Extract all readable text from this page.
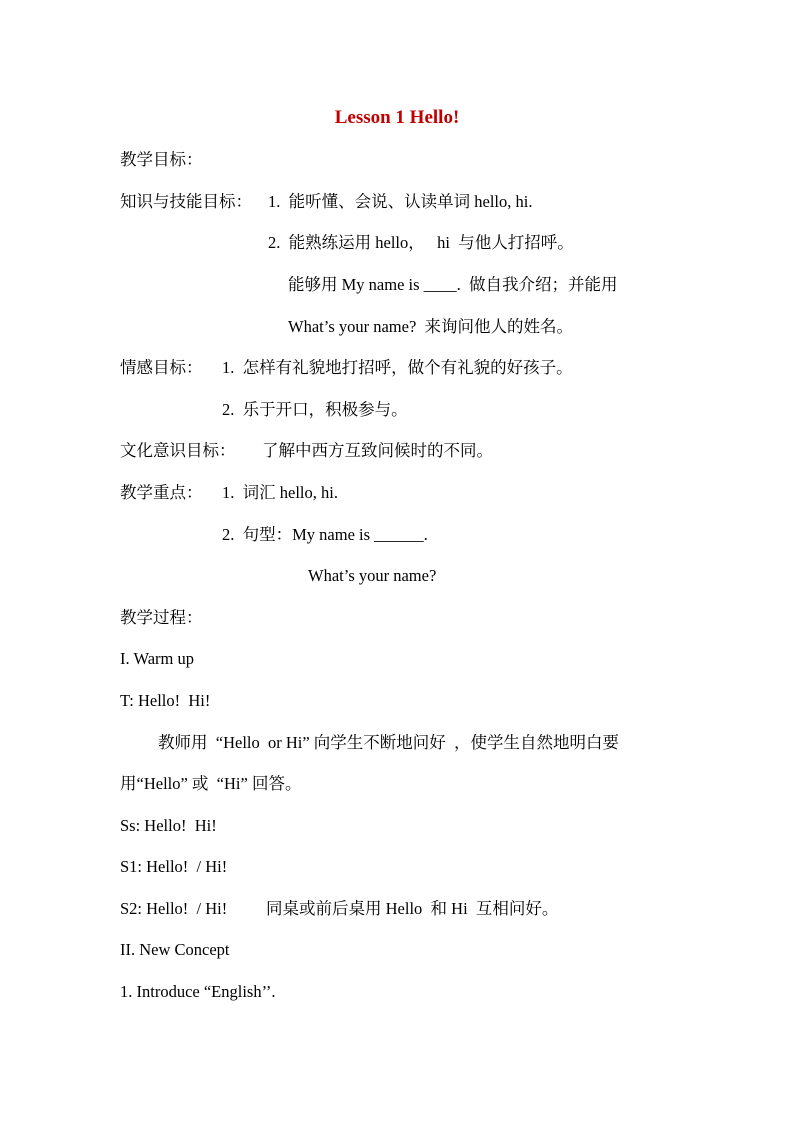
Lesson 1 Hello!
教学目标：
知识与技能目标： 1.  能听懂、会说、认读单词 hello, hi.
2.  能熟练运用 hello，   hi  与他人打招呼。
能够用 My name is ____.  做自我介绍；并能用
What’s your name?  来询问他人的姓名。
情感目标： 1.  怎样有礼貌地打招呼，做个有礼貌的好孩子。
2.  乐于开口，积极参与。
文化意识目标： 了解中西方互致问候时的不同。
教学重点： 1.  词汇 hello, hi.
2.  句型：My name is ______.
What’s your name?
教学过程：
I. Warm up
T: Hello!  Hi!
教师用  “Hello  or Hi” 向学生不断地问好  ，使学生自然地明白要
用“Hello” 或  “Hi” 回答。
Ss: Hello!  Hi!
S1: Hello!  / Hi!
S2: Hello!  / Hi! 同桌或前后桌用 Hello  和 Hi  互相问好。
II. New Concept
1. Introduce “English’’.
